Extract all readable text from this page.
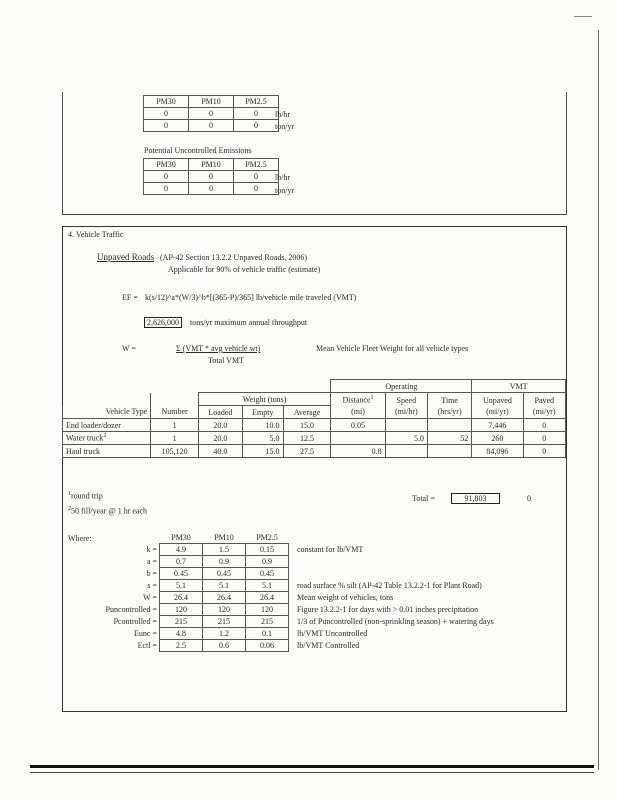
PM30	PM10	PM2.5
0	0	0
0	0	0
lb/hr
ton/yr
Potential Uncontrolled Emissions
PM30	PM10	PM2.5
0	0	0
0	0	0
lb/hr
ton/yr
4. Vehicle Traffic
Unpaved Roads (AP-42 Section 13.2.2 Unpaved Roads, 2006)
Applicable for 90% of vehicle traffic (estimate)
EF = k(s/12)^a*(W/3)^b*[(365-P)/365] lb/vehicle mile traveled (VMT)
2,626,000	tons/yr maximum annual throughput
W =	Σ (VMT * avg vehicle wt)
Total VMT
Mean Vehicle Fleet Weight for all vehicle types
					Operating			VMT	
		Weight (tons)			Distance$^1$	Speed	Time	Unpaved	Paved
Vehicle Type	Number	Loaded	Empty	Average	(mi)	(mi/hr)	(hrs/yr)	(mi/yr)	(mi/yr)
End loader/dozer	1	20.0	10.0	15.0	0.05			7,446	0
Water truck$^2$	1	20.0	5.0	12.5		5.0	52	260	0
Haul truck	105,120	40.0	15.0	27.5	0.8			84,096	0
$^1$round trip
$^2$50 fill/year @ 1 hr each
Total =	91,803	0
Where:
		PM30	PM10	PM2.5	
k =	4.9	1.5	0.15	constant for lb/VMT
a =	0.7	0.9	0.9	
b =	0.45	0.45	0.45	
s =	5.1	5.1	5.1	road surface % silt (AP-42 Table 13.2.2-1 for Plant Road)
W =	26.4	26.4	26.4	Mean weight of vehicles, tons
Puncontrolled =	120	120	120	Figure 13.2.2-1 for days with > 0.01 inches precipitation
Pcontrolled =	215	215	215	1/3 of Puncontrolled (non-sprinkling season) + watering days
Eunc =	4.8	1.2	0.1	lb/VMT Uncontrolled
Ectl =	2.5	0.6	0.06	lb/VMT Controlled
